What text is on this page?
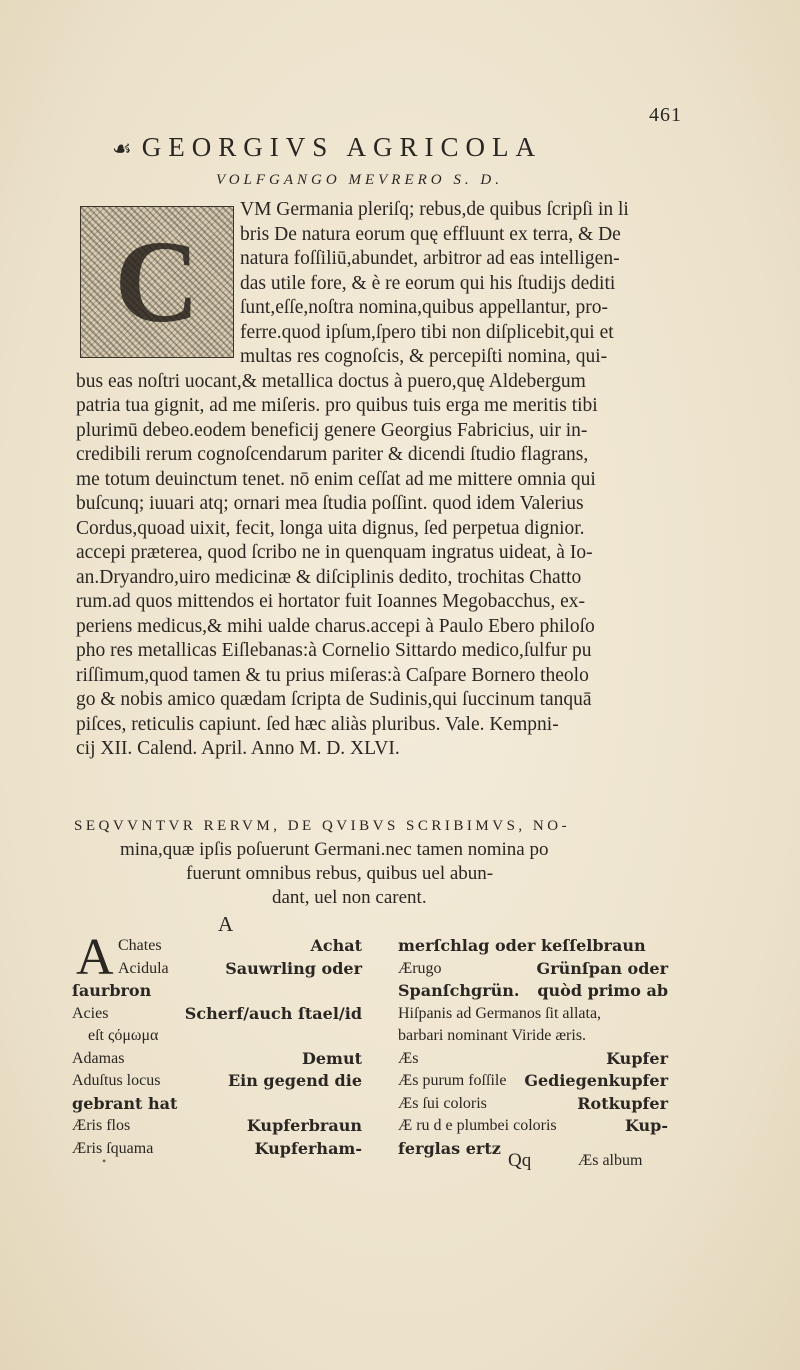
461
☙ GEORGIVS AGRICOLA
VOLFGANGO MEVRERO S. D.
C
VM Germania pleriſq; rebus,de quibus ſcripſi in li
bris De natura eorum quę effluunt ex terra, & De
natura foſſiliū,abundet, arbitror ad eas intelligen-
das utile fore, & è re eorum qui his ſtudijs dediti
ſunt,eſſe,noſtra nomina,quibus appellantur, pro-
ferre.quod ipſum,ſpero tibi non diſplicebit,qui et
multas res cognoſcis, & percepiſti nomina, qui-
bus eas noſtri uocant,& metallica doctus à puero,quę Aldebergum
patria tua gignit, ad me miſeris. pro quibus tuis erga me meritis tibi
plurimū debeo.eodem beneficij genere Georgius Fabricius, uir in-
credibili rerum cognoſcendarum pariter & dicendi ſtudio flagrans,
me totum deuinctum tenet. nō enim ceſſat ad me mittere omnia qui
buſcunq; iuuari atq; ornari mea ſtudia poſſint. quod idem Valerius
Cordus,quoad uixit, fecit, longa uita dignus, ſed perpetua dignior.
accepi præterea, quod ſcribo ne in quenquam ingratus uideat, à Io-
an.Dryandro,uiro medicinæ & diſciplinis dedito, trochitas Chatto
rum.ad quos mittendos ei hortator fuit Ioannes Megobacchus, ex-
periens medicus,& mihi ualde charus.accepi à Paulo Ebero philoſo
pho res metallicas Eiſlebanas:à Cornelio Sittardo medico,ſulfur pu
riſſimum,quod tamen & tu prius miſeras:à Caſpare Bornero theolo
go & nobis amico quædam ſcripta de Sudinis,qui ſuccinum tanquā
piſces, reticulis capiunt. ſed hæc aliàs pluribus. Vale. Kempni-
cij XII. Calend. April. Anno M. D. XLVI.
SEQVVNTVR RERVM, DE QVIBVS SCRIBIMVS, NO-
mina,quæ ipſis poſuerunt Germani.nec tamen nomina po
fuerunt omnibus rebus, quibus uel abun-
dant, uel non carent.
A
A Chates	Achat
Acidula	Sauwrling oder
ſaurbron
Acies	Scherf/auch ſtael/id
eſt ςόμωμα
Adamas	Demut
Aduſtus locus	Ein gegend die
gebrant hat
Æris flos	Kupferbraun
Æris ſquama	Kupferham-
merſchlag oder keſſelbraun
Ærugo	Grünſpan oder
Spanſchgrün. quòd primo ab
Hiſpanis ad Germanos ſit allata,
barbari nominant Viride æris.
Æs	Kupfer
Æs purum foſſile Gediegenkupfer
Æs ſui coloris	Rotkupfer
Æ ru d e plumbei coloris	Kup-
ferglas ertz
•	Qq	Æs album
